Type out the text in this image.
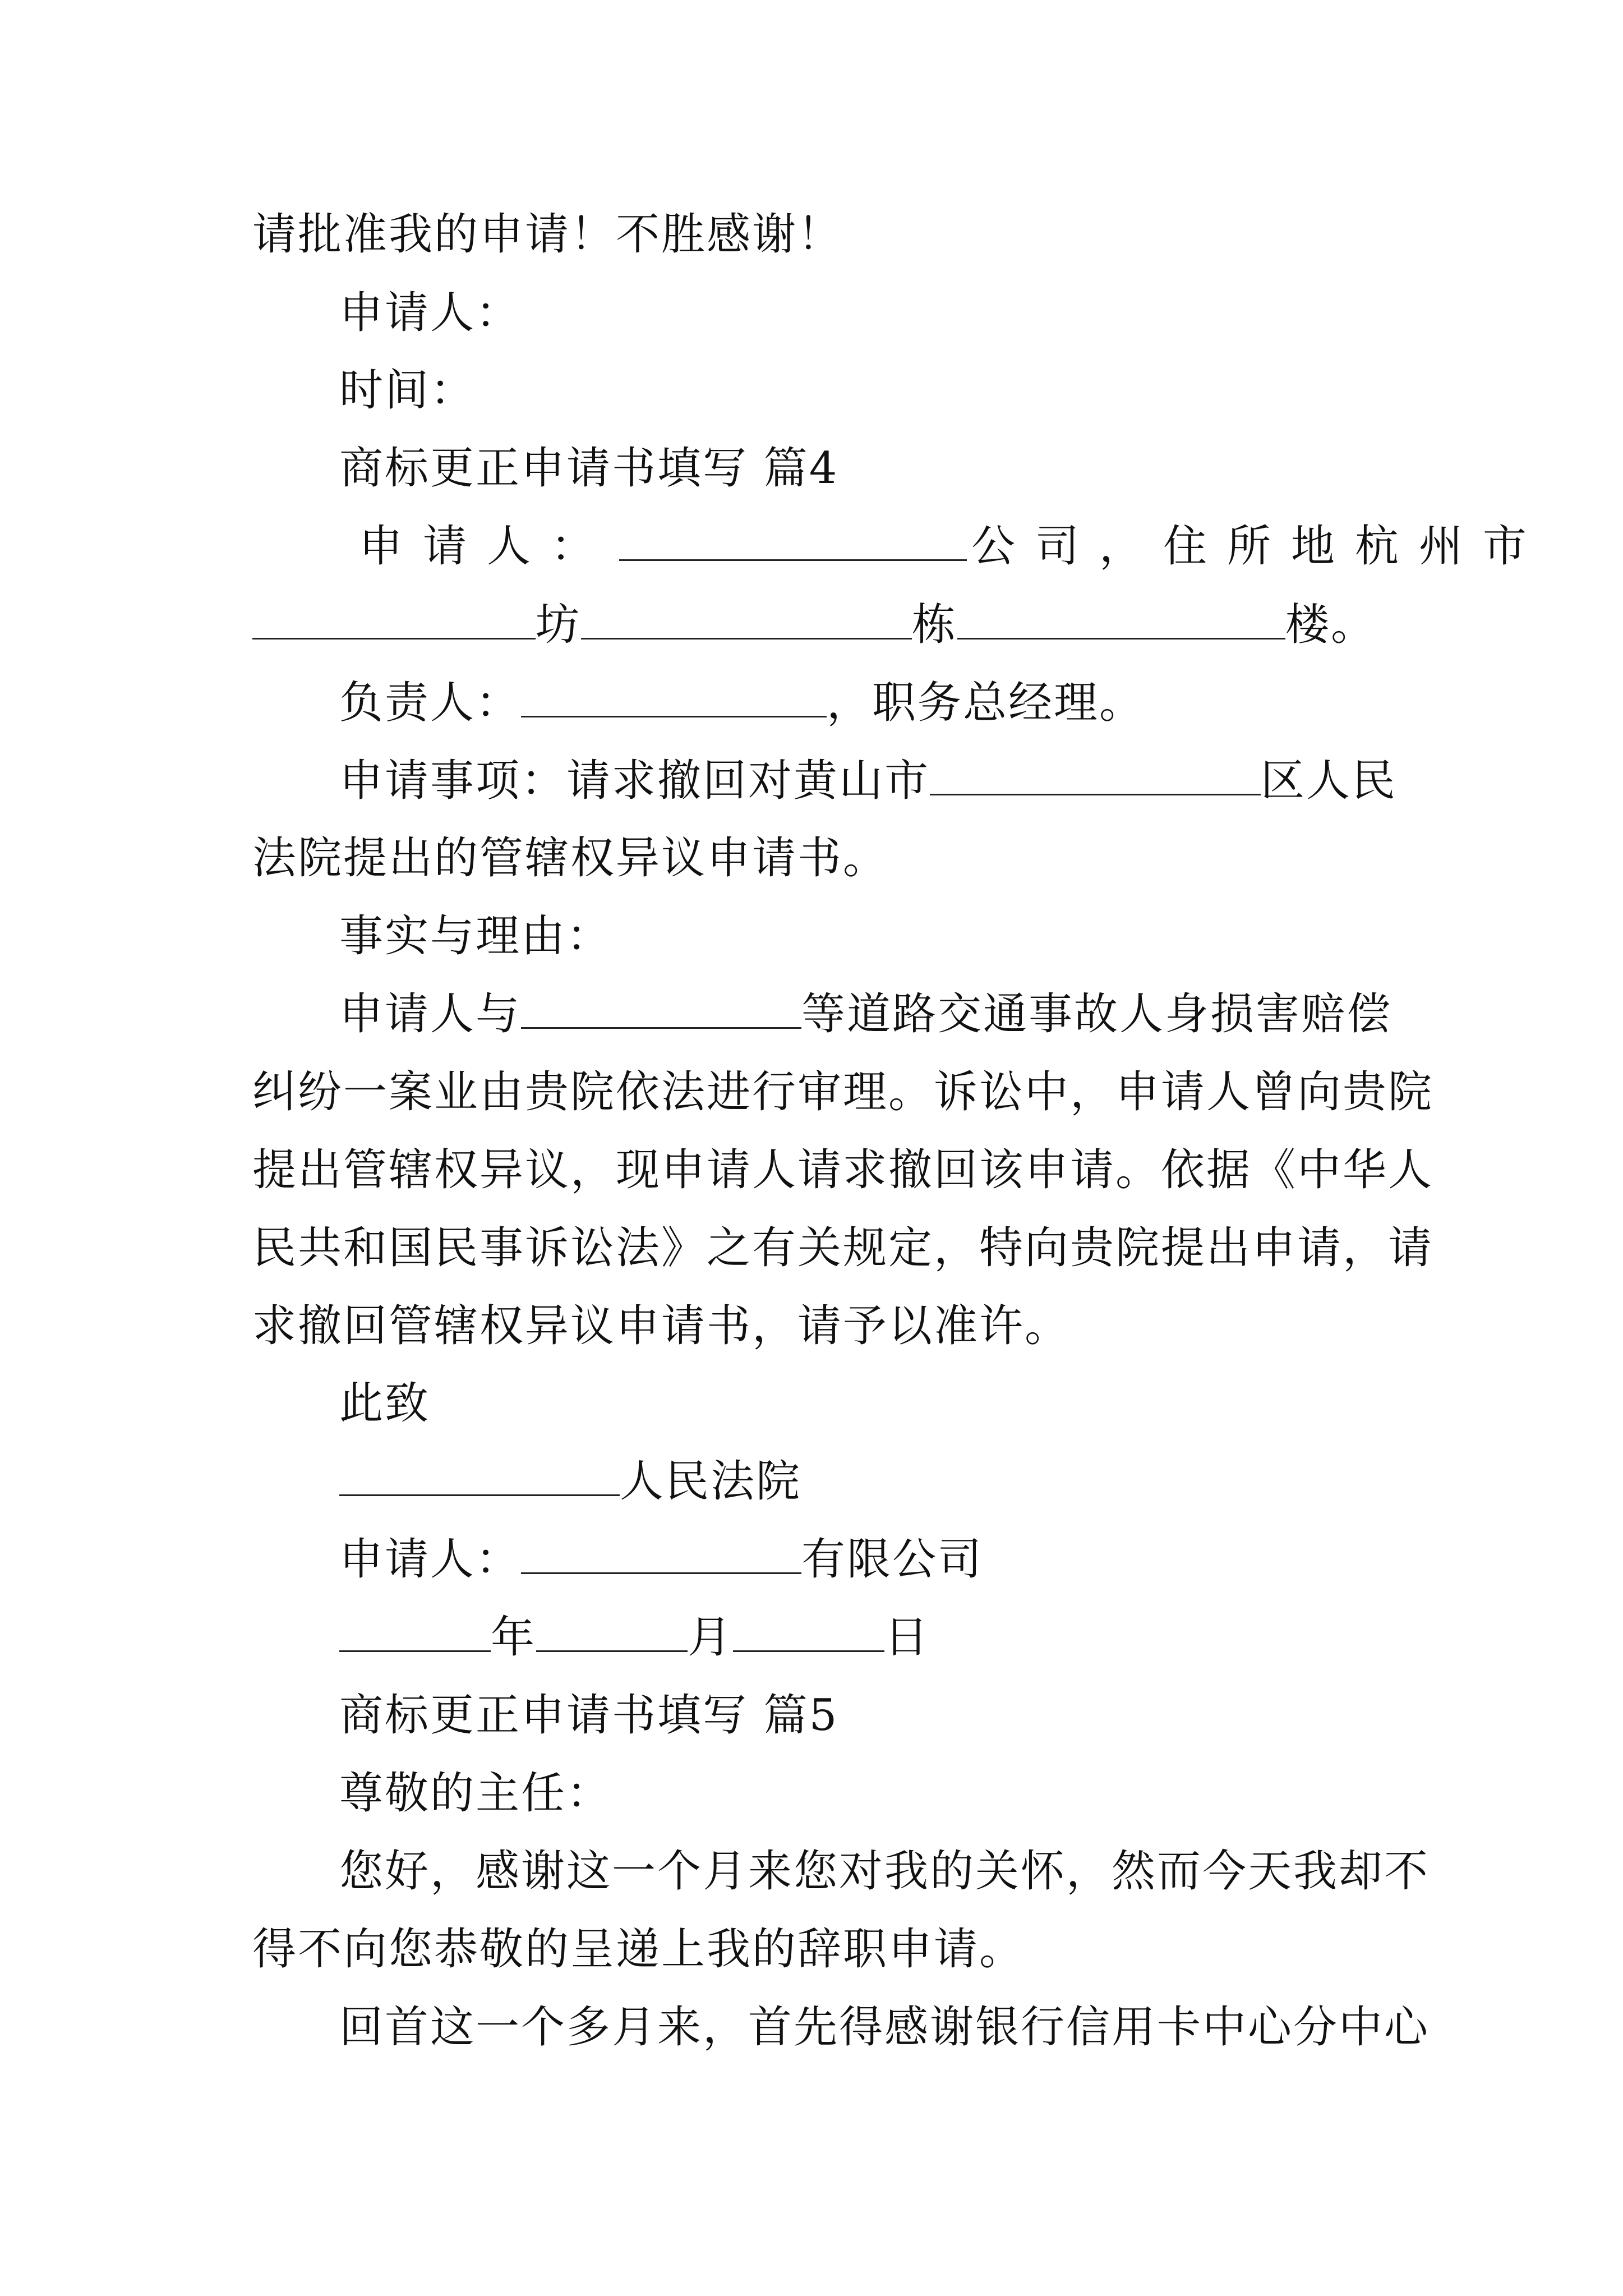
请批准我的申请！不胜感谢！
申请人：
时间：
商标更正申请书填写 篇4
申请人：	公司，住所地杭州市
坊	栋	楼。
负责人：	，职务总经理。
申请事项：请求撤回对黄山市	区人民
法院提出的管辖权异议申请书。
事实与理由：
申请人与	等道路交通事故人身损害赔偿
纠纷一案业由贵院依法进行审理。诉讼中，申请人曾向贵院
提出管辖权异议，现申请人请求撤回该申请。依据《中华人
民共和国民事诉讼法》之有关规定，特向贵院提出申请，请
求撤回管辖权异议申请书，请予以准许。
此致
人民法院
申请人：	有限公司
年	月	日
商标更正申请书填写 篇5
尊敬的主任：
您好，感谢这一个月来您对我的关怀，然而今天我却不
得不向您恭敬的呈递上我的辞职申请。
回首这一个多月来，首先得感谢银行信用卡中心分中心
